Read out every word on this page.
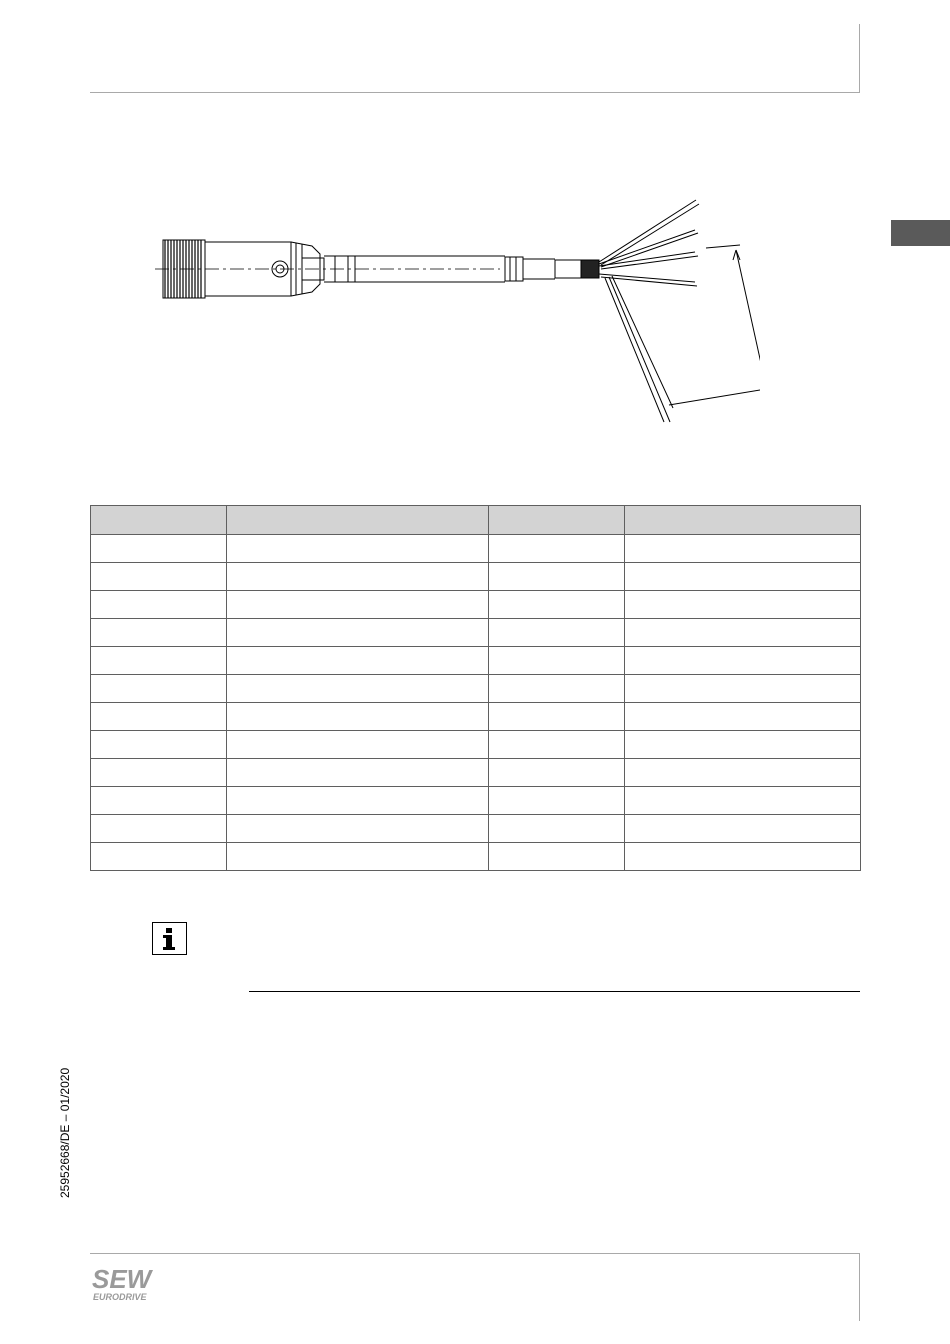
25952668/DE – 01/2020
SEW
EURODRIVE
